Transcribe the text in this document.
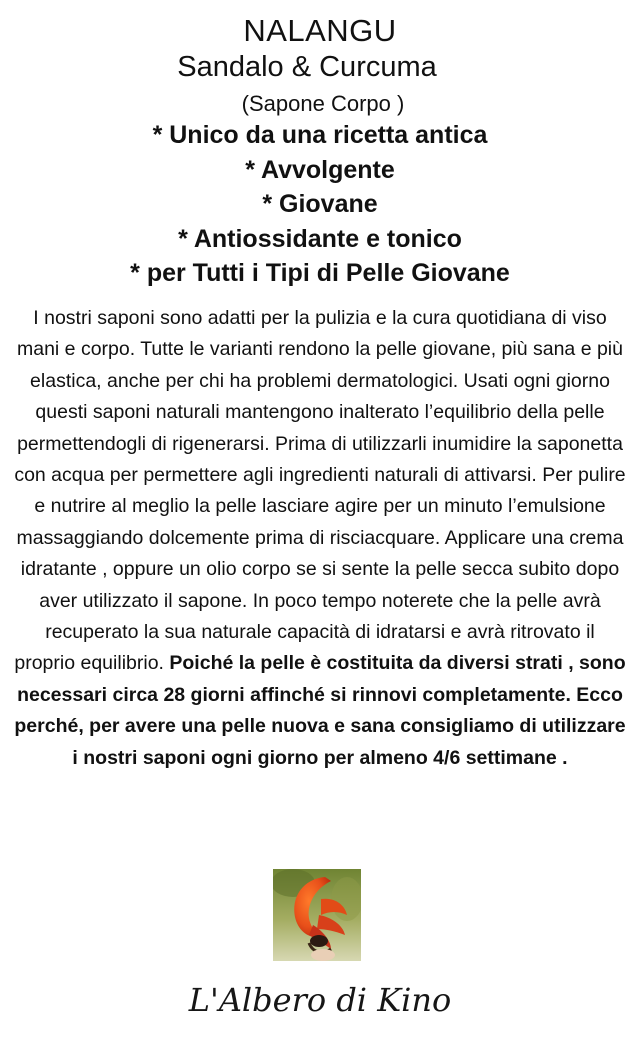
NALANGU
Sandalo & Curcuma
(Sapone Corpo )
* Unico da una ricetta antica
* Avvolgente
* Giovane
* Antiossidante e tonico
* per Tutti i Tipi di Pelle Giovane
I nostri saponi sono adatti per la pulizia e la cura quotidiana di viso mani e corpo. Tutte le varianti rendono la pelle giovane, più sana e più elastica, anche per chi ha problemi dermatologici. Usati ogni giorno questi saponi naturali mantengono inalterato l’equilibrio della pelle permettendogli di rigenerarsi. Prima di utilizzarli inumidire la saponetta con acqua per permettere agli ingredienti naturali di attivarsi. Per pulire e nutrire al meglio la pelle lasciare agire per un minuto l’emulsione massaggiando dolcemente prima di risciacquare. Applicare una crema idratante , oppure un olio corpo se si sente la pelle secca subito dopo aver utilizzato il sapone. In poco tempo noterete che la pelle avrà recuperato la sua naturale capacità di idratarsi e avrà ritrovato il proprio equilibrio. Poiché la pelle è costituita da diversi strati , sono necessari circa 28 giorni affinché si rinnovi completamente. Ecco perché, per avere una pelle nuova e sana consigliamo di utilizzare i nostri saponi ogni giorno per almeno 4/6 settimane .
L'Albero di Kino
